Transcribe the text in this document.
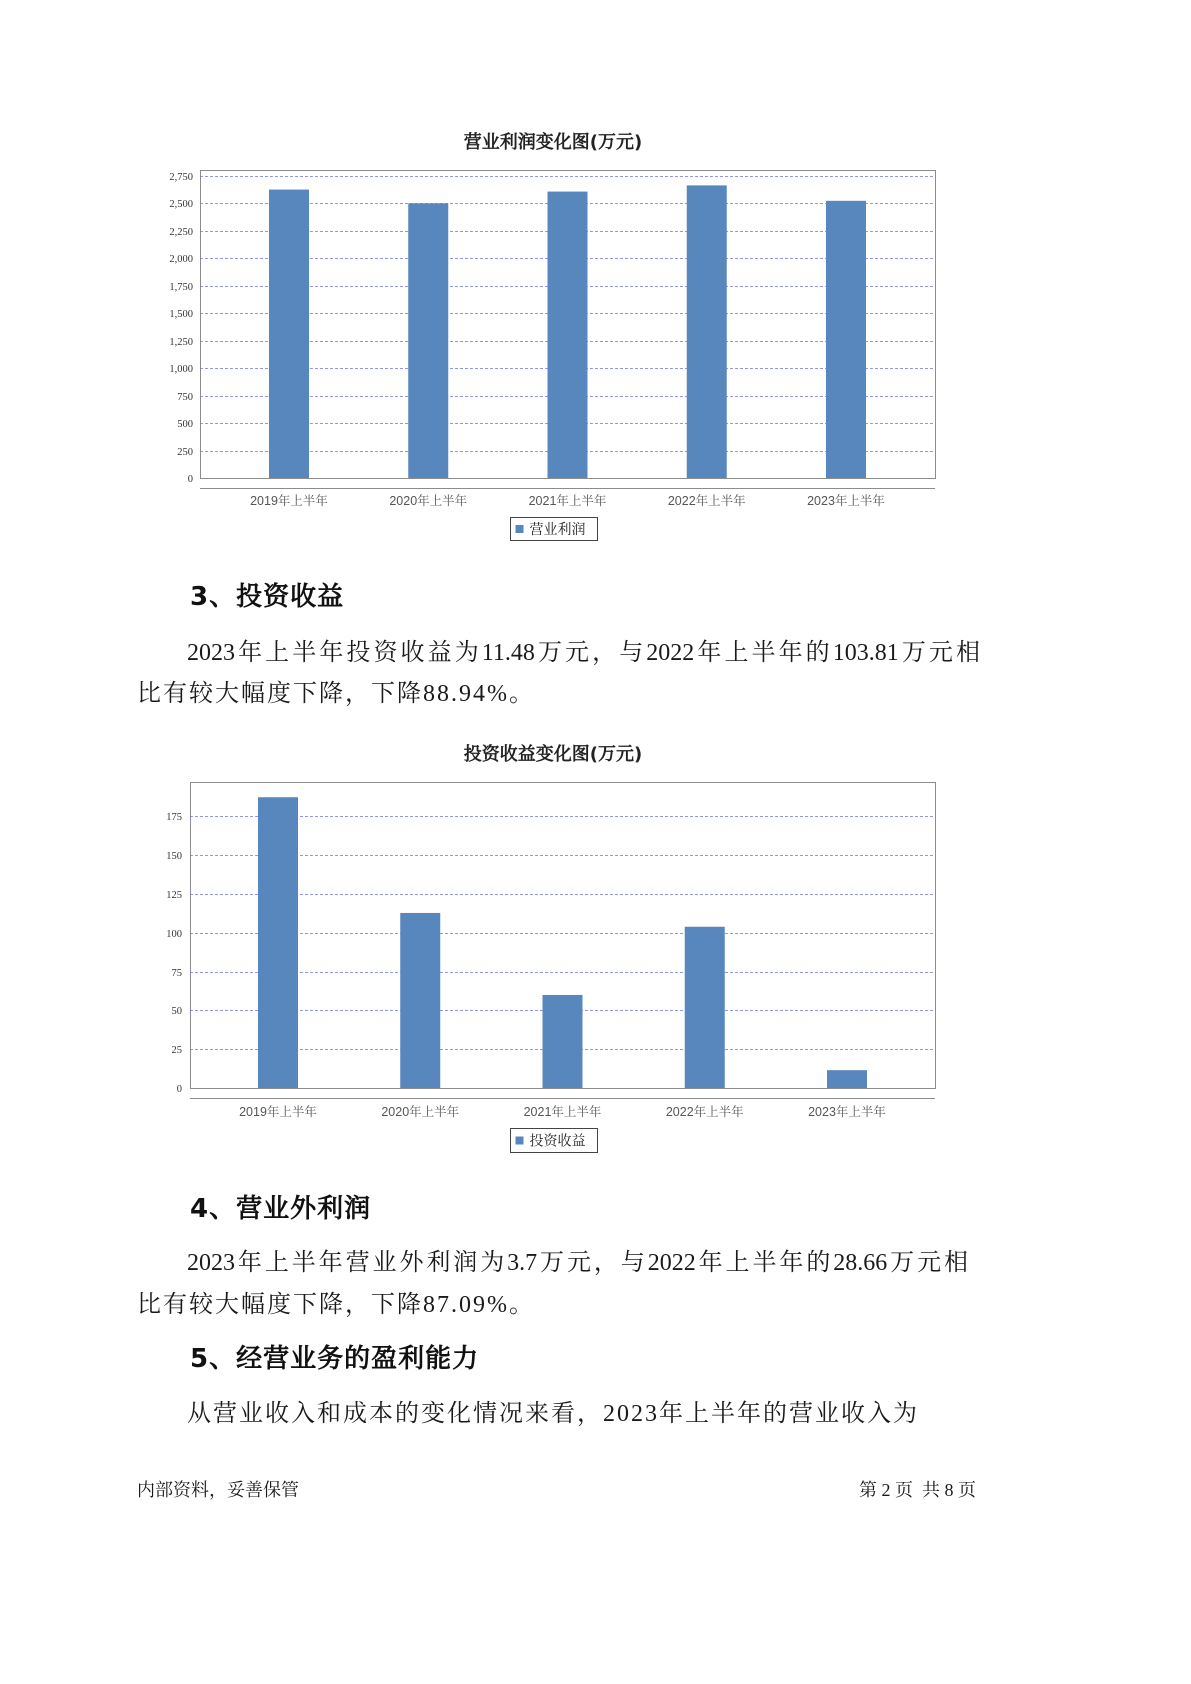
营业利润变化图(万元)
0
250
500
750
1,000
1,250
1,500
1,750
2,000
2,250
2,500
2,750
2019年上半年	2020年上半年	2021年上半年	2022年上半年	2023年上半年
营业利润
3、投资收益
2023年上半年投资收益为11.48万元，与2022年上半年的103.81万元相
比有较大幅度下降，下降88.94%。
投资收益变化图(万元)
0
25
50
75
100
125
150
175
2019年上半年	2020年上半年	2021年上半年	2022年上半年	2023年上半年
投资收益
4、营业外利润
2023年上半年营业外利润为3.7万元，与2022年上半年的28.66万元相
比有较大幅度下降，下降87.09%。
5、经营业务的盈利能力
从营业收入和成本的变化情况来看，2023年上半年的营业收入为
内部资料，妥善保管	第 2 页  共 8 页
